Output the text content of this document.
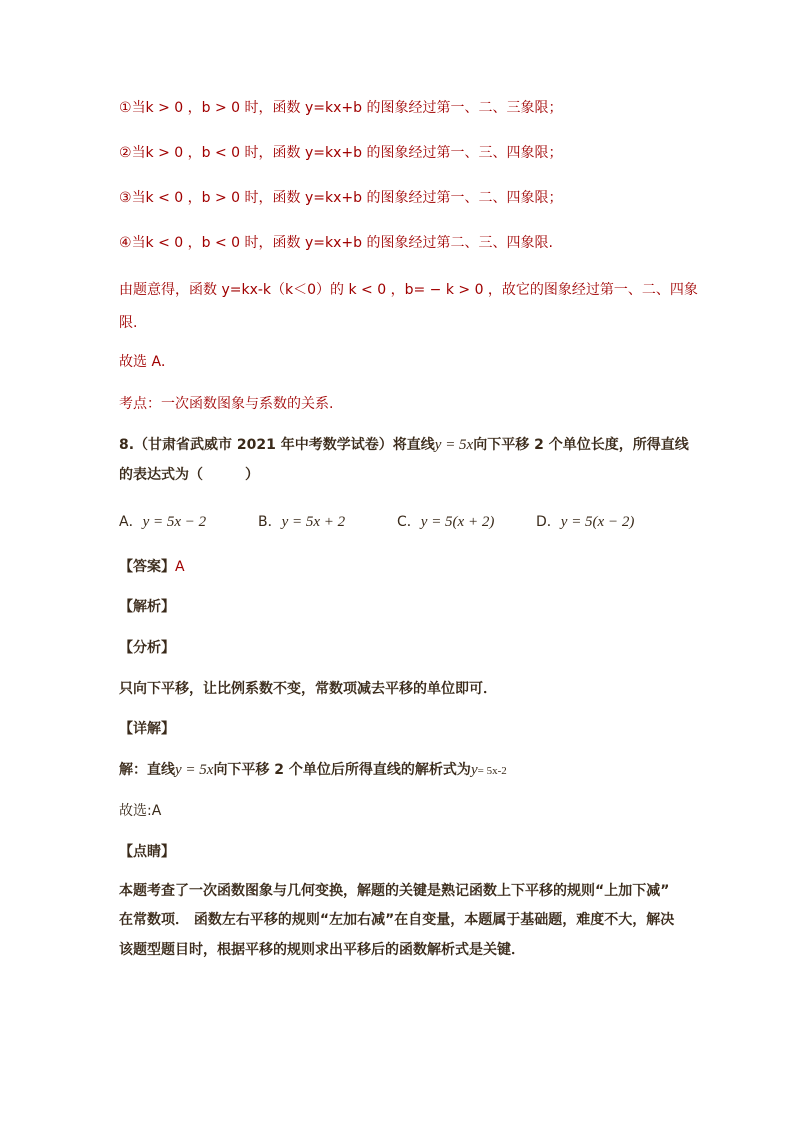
①当k > 0 ，b > 0 时，函数 y=kx+b 的图象经过第一、二、三象限；
②当k > 0 ，b < 0 时，函数 y=kx+b 的图象经过第一、三、四象限；
③当k < 0 ，b > 0 时，函数 y=kx+b 的图象经过第一、二、四象限；
④当k < 0 ，b < 0 时，函数 y=kx+b 的图象经过第二、三、四象限.
由题意得，函数 y=kx-k（k＜0）的 k < 0 ，b= − k > 0 ，故它的图象经过第一、二、四象
限.
故选 A．
考点：一次函数图象与系数的关系.
8.（甘肃省武威市 2021 年中考数学试卷）将直线y = 5x向下平移 2 个单位长度，所得直线
的表达式为（　　　）
A．y = 5x − 2	B．y = 5x + 2	C．y = 5(x + 2)	D．y = 5(x − 2)
【答案】A
【解析】
【分析】
只向下平移，让比例系数不变，常数项减去平移的单位即可．
【详解】
解：直线y = 5x向下平移 2 个单位后所得直线的解析式为y= 5x-2
故选:A
【点睛】
本题考查了一次函数图象与几何变换，解题的关键是熟记函数上下平移的规则“上加下减”
在常数项． 函数左右平移的规则“左加右减”在自变量，本题属于基础题，难度不大，解决
该题型题目时，根据平移的规则求出平移后的函数解析式是关键．
